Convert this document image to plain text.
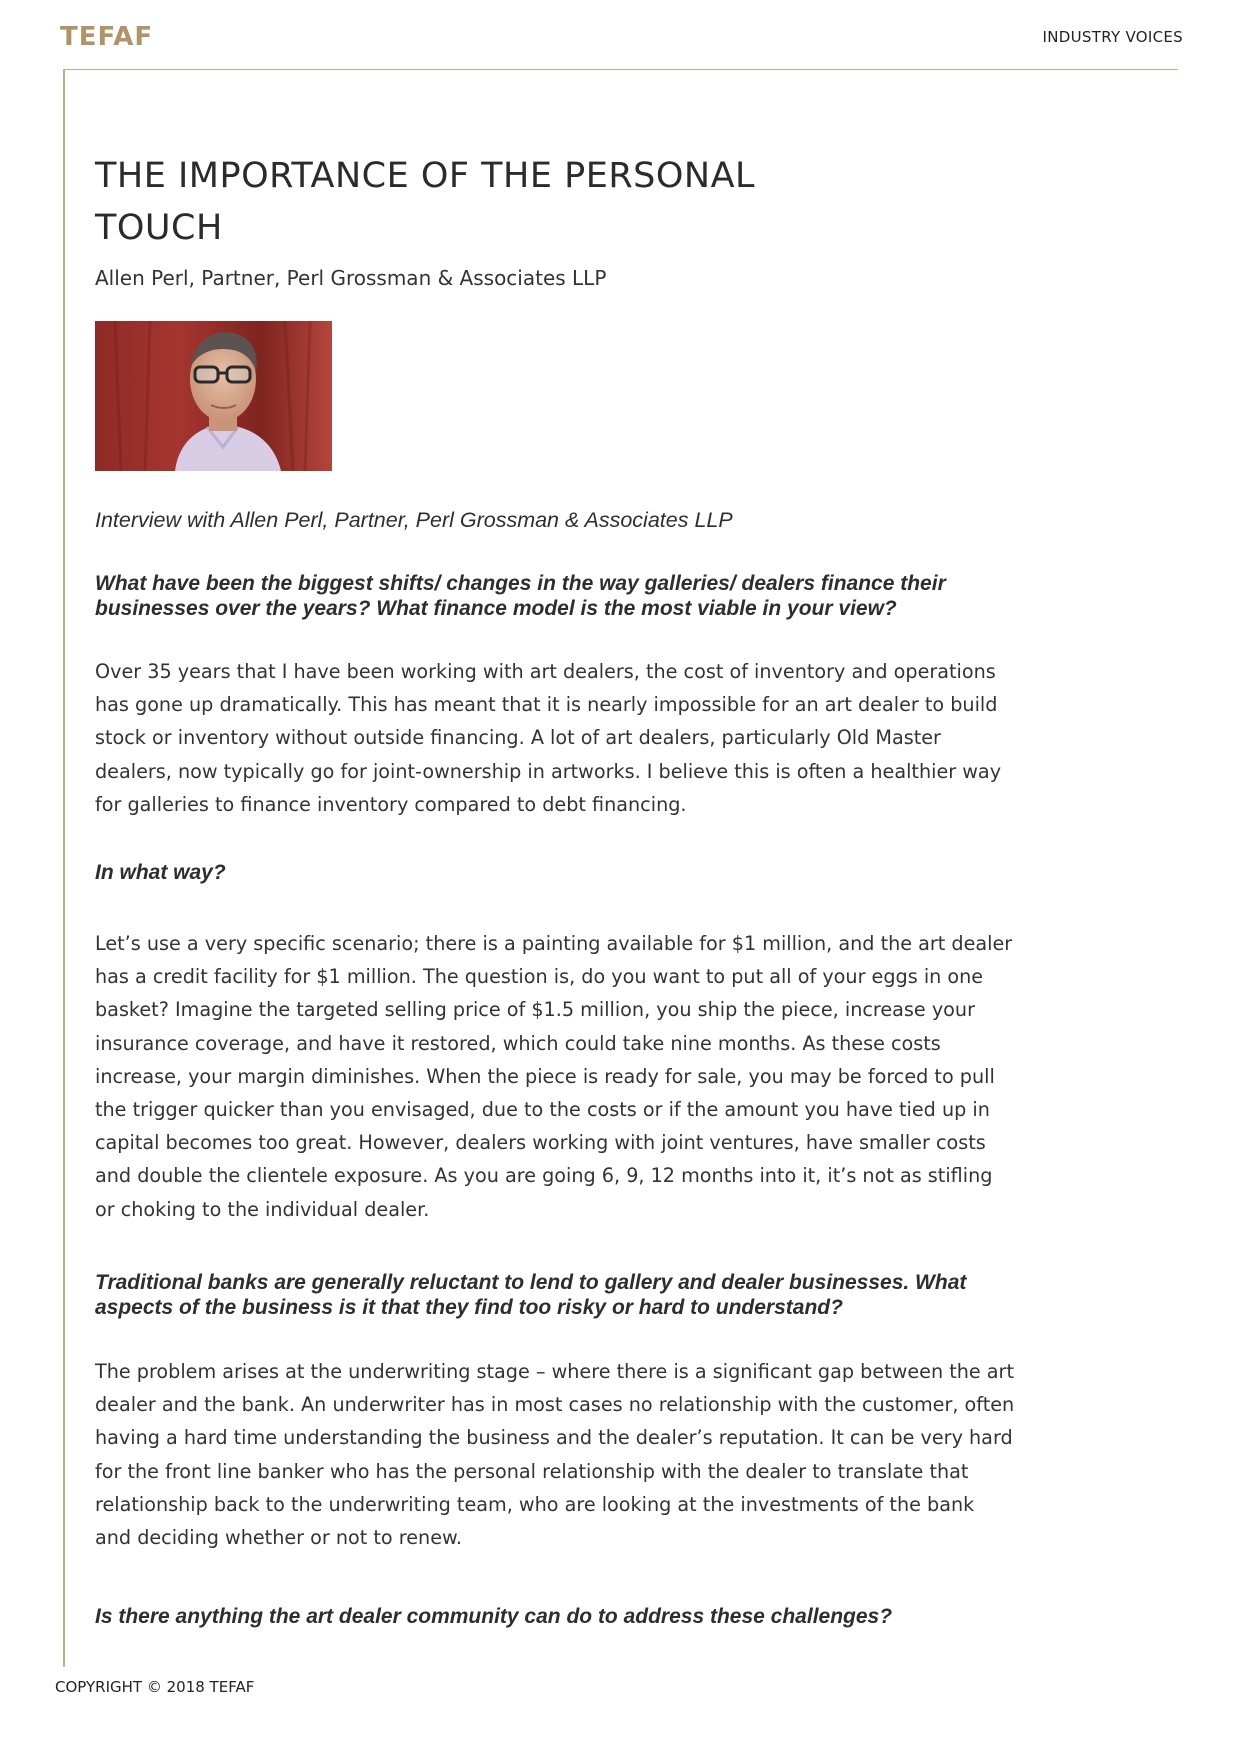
TEFAF	INDUSTRY VOICES
THE IMPORTANCE OF THE PERSONAL TOUCH

Allen Perl, Partner, Perl Grossman & Associates LLP

Interview with Allen Perl, Partner, Perl Grossman & Associates LLP

What have been the biggest shifts/ changes in the way galleries/ dealers finance their businesses over the years? What finance model is the most viable in your view?

Over 35 years that I have been working with art dealers, the cost of inventory and operations has gone up dramatically. This has meant that it is nearly impossible for an art dealer to build stock or inventory without outside financing. A lot of art dealers, particularly Old Master dealers, now typically go for joint-ownership in artworks. I believe this is often a healthier way for galleries to finance inventory compared to debt financing.

In what way?

Let’s use a very specific scenario; there is a painting available for $1 million, and the art dealer has a credit facility for $1 million. The question is, do you want to put all of your eggs in one basket? Imagine the targeted selling price of $1.5 million, you ship the piece, increase your insurance coverage, and have it restored, which could take nine months. As these costs increase, your margin diminishes. When the piece is ready for sale, you may be forced to pull the trigger quicker than you envisaged, due to the costs or if the amount you have tied up in capital becomes too great. However, dealers working with joint ventures, have smaller costs and double the clientele exposure. As you are going 6, 9, 12 months into it, it’s not as stifling or choking to the individual dealer.

Traditional banks are generally reluctant to lend to gallery and dealer businesses. What aspects of the business is it that they find too risky or hard to understand?

The problem arises at the underwriting stage – where there is a significant gap between the art dealer and the bank. An underwriter has in most cases no relationship with the customer, often having a hard time understanding the business and the dealer’s reputation. It can be very hard for the front line banker who has the personal relationship with the dealer to translate that relationship back to the underwriting team, who are looking at the investments of the bank and deciding whether or not to renew.

Is there anything the art dealer community can do to address these challenges?

COPYRIGHT © 2018 TEFAF
